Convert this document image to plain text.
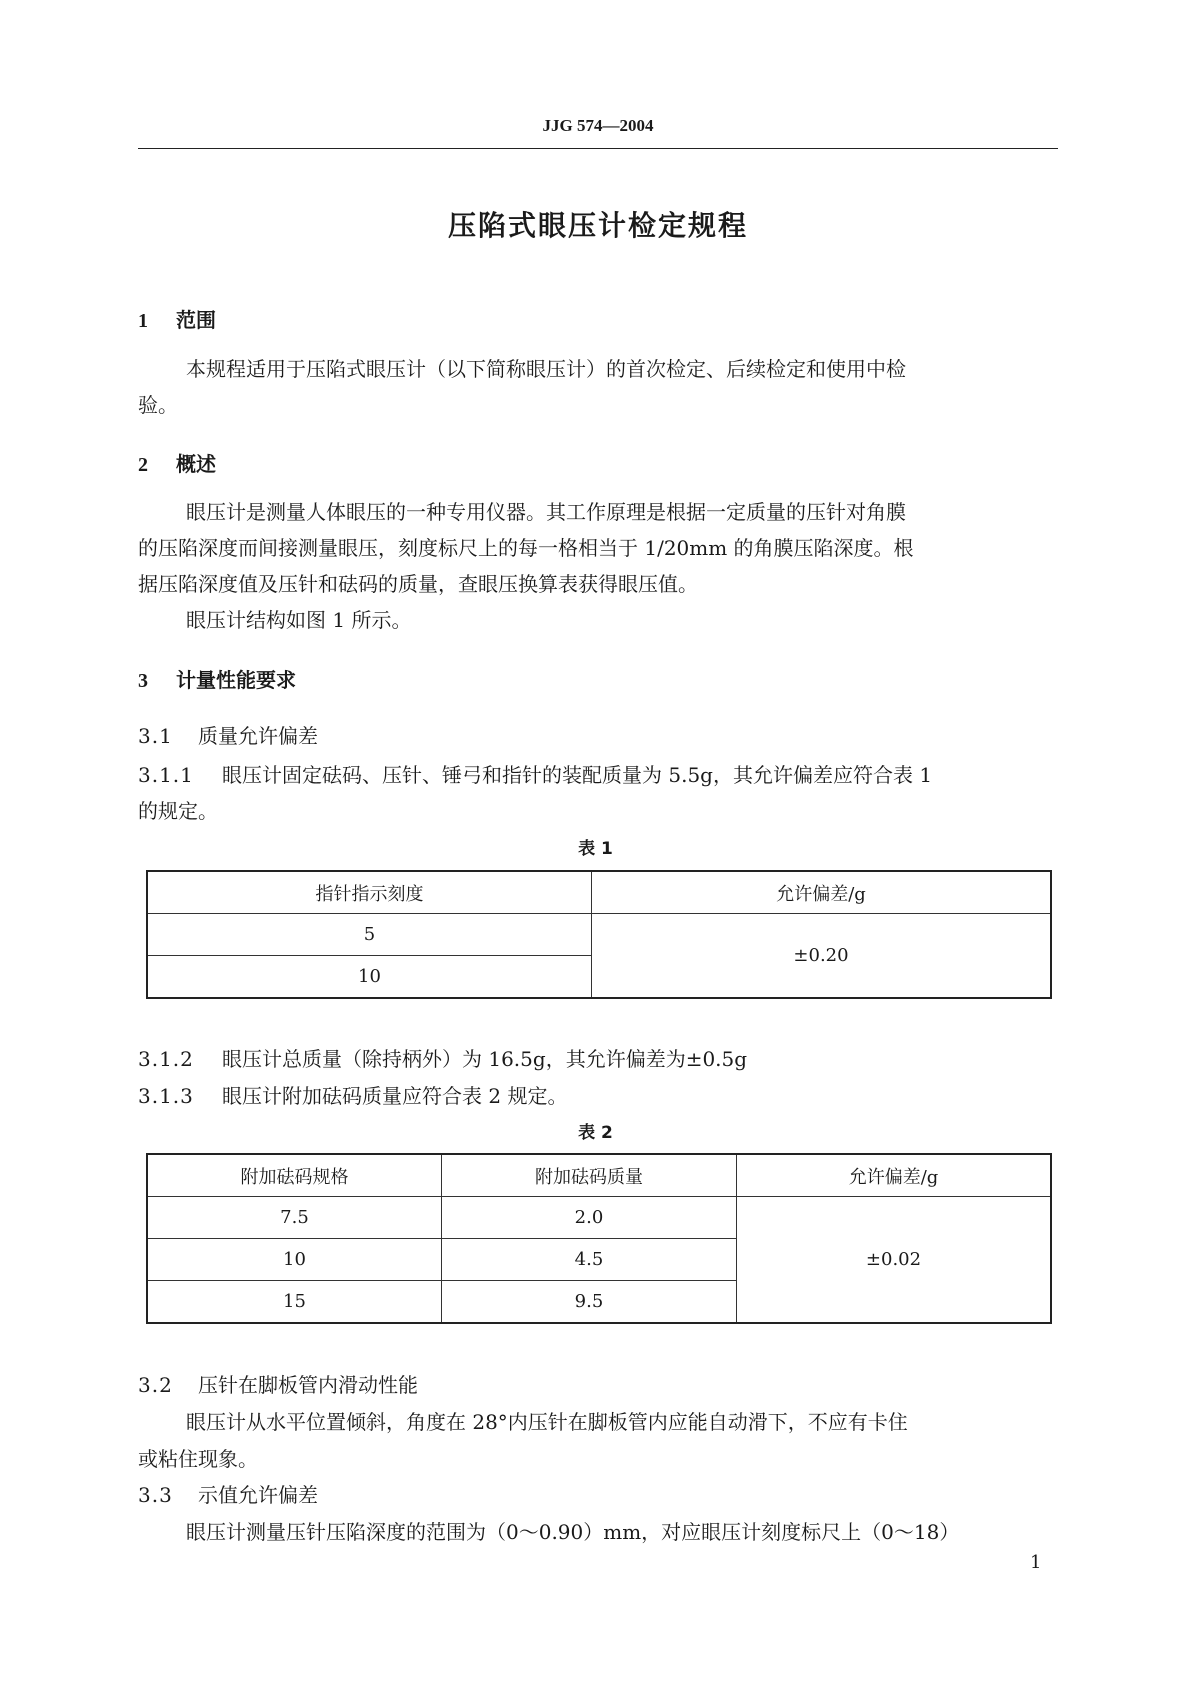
JJG 574—2004
压陷式眼压计检定规程
1 范围
本规程适用于压陷式眼压计（以下简称眼压计）的首次检定、后续检定和使用中检
验。
2 概述
眼压计是测量人体眼压的一种专用仪器。其工作原理是根据一定质量的压针对角膜
的压陷深度而间接测量眼压，刻度标尺上的每一格相当于 1/20mm 的角膜压陷深度。根
据压陷深度值及压针和砝码的质量，查眼压换算表获得眼压值。
眼压计结构如图 1 所示。
3 计量性能要求
3.1 质量允许偏差
3.1.1 眼压计固定砝码、压针、锤弓和指针的装配质量为 5.5g，其允许偏差应符合表 1
的规定。
表 1
指针指示刻度	允许偏差/g
5	±0.20
10	
3.1.2 眼压计总质量（除持柄外）为 16.5g，其允许偏差为±0.5g
3.1.3 眼压计附加砝码质量应符合表 2 规定。
表 2
附加砝码规格	附加砝码质量	允许偏差/g
7.5	2.0	±0.02
10	4.5	
15	9.5	
3.2 压针在脚板管内滑动性能
眼压计从水平位置倾斜，角度在 28°内压针在脚板管内应能自动滑下，不应有卡住
或粘住现象。
3.3 示值允许偏差
眼压计测量压针压陷深度的范围为（0～0.90）mm，对应眼压计刻度标尺上（0～18）
1
